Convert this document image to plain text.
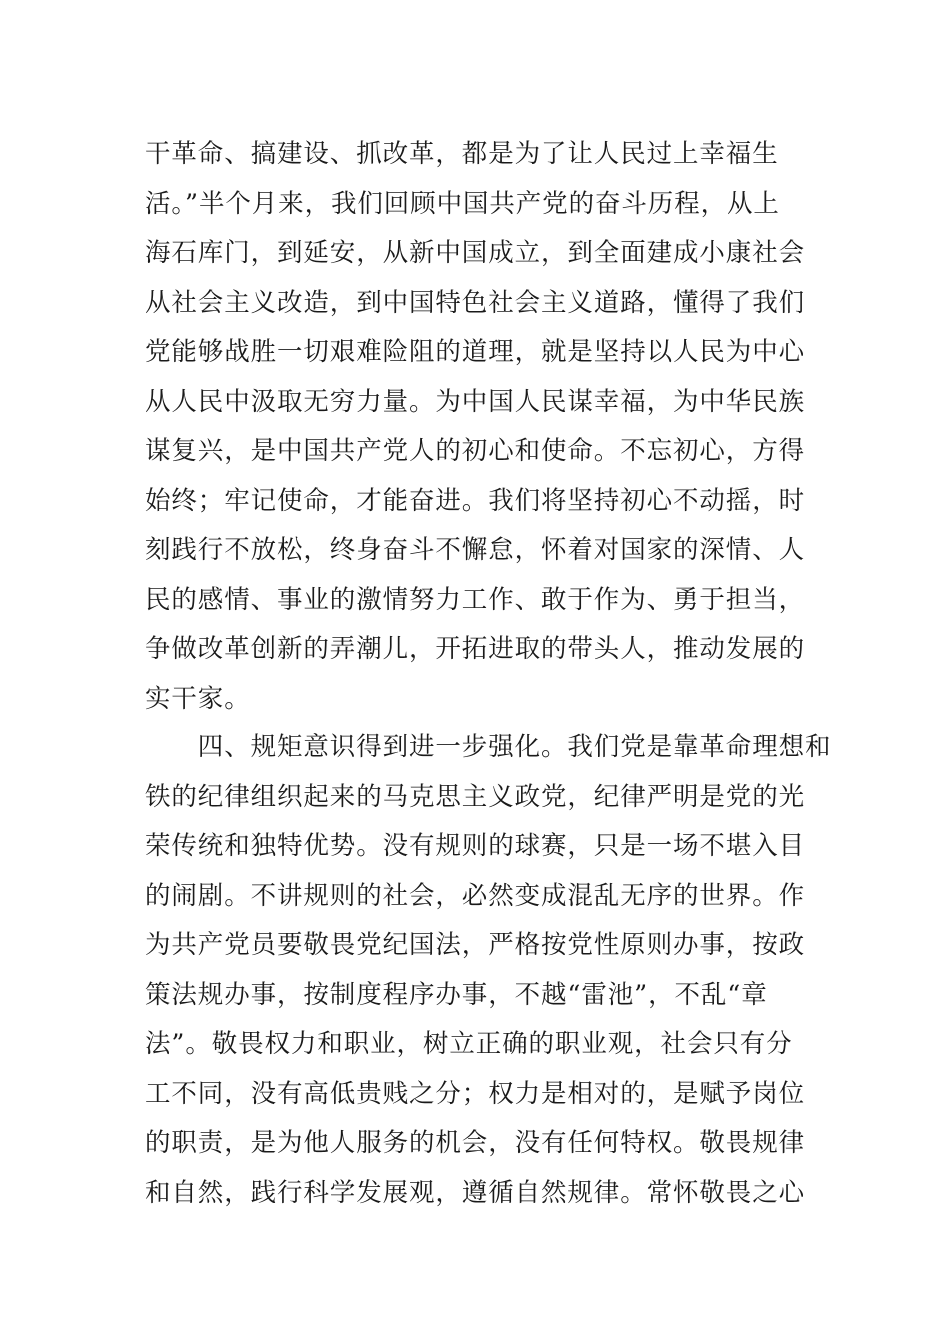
干革命、搞建设、抓改革，都是为了让人民过上幸福生
活。”半个月来，我们回顾中国共产党的奋斗历程，从上
海石库门，到延安，从新中国成立，到全面建成小康社会
从社会主义改造，到中国特色社会主义道路，懂得了我们
党能够战胜一切艰难险阻的道理，就是坚持以人民为中心
从人民中汲取无穷力量。为中国人民谋幸福，为中华民族
谋复兴，是中国共产党人的初心和使命。不忘初心，方得
始终；牢记使命，才能奋进。我们将坚持初心不动摇，时
刻践行不放松，终身奋斗不懈怠，怀着对国家的深情、人
民的感情、事业的激情努力工作、敢于作为、勇于担当，
争做改革创新的弄潮儿，开拓进取的带头人，推动发展的
实干家。
　　四、规矩意识得到进一步强化。我们党是靠革命理想和
铁的纪律组织起来的马克思主义政党，纪律严明是党的光
荣传统和独特优势。没有规则的球赛，只是一场不堪入目
的闹剧。不讲规则的社会，必然变成混乱无序的世界。作
为共产党员要敬畏党纪国法，严格按党性原则办事，按政
策法规办事，按制度程序办事，不越“雷池”，不乱“章
法”。敬畏权力和职业，树立正确的职业观，社会只有分
工不同，没有高低贵贱之分；权力是相对的，是赋予岗位
的职责，是为他人服务的机会，没有任何特权。敬畏规律
和自然，践行科学发展观，遵循自然规律。常怀敬畏之心
